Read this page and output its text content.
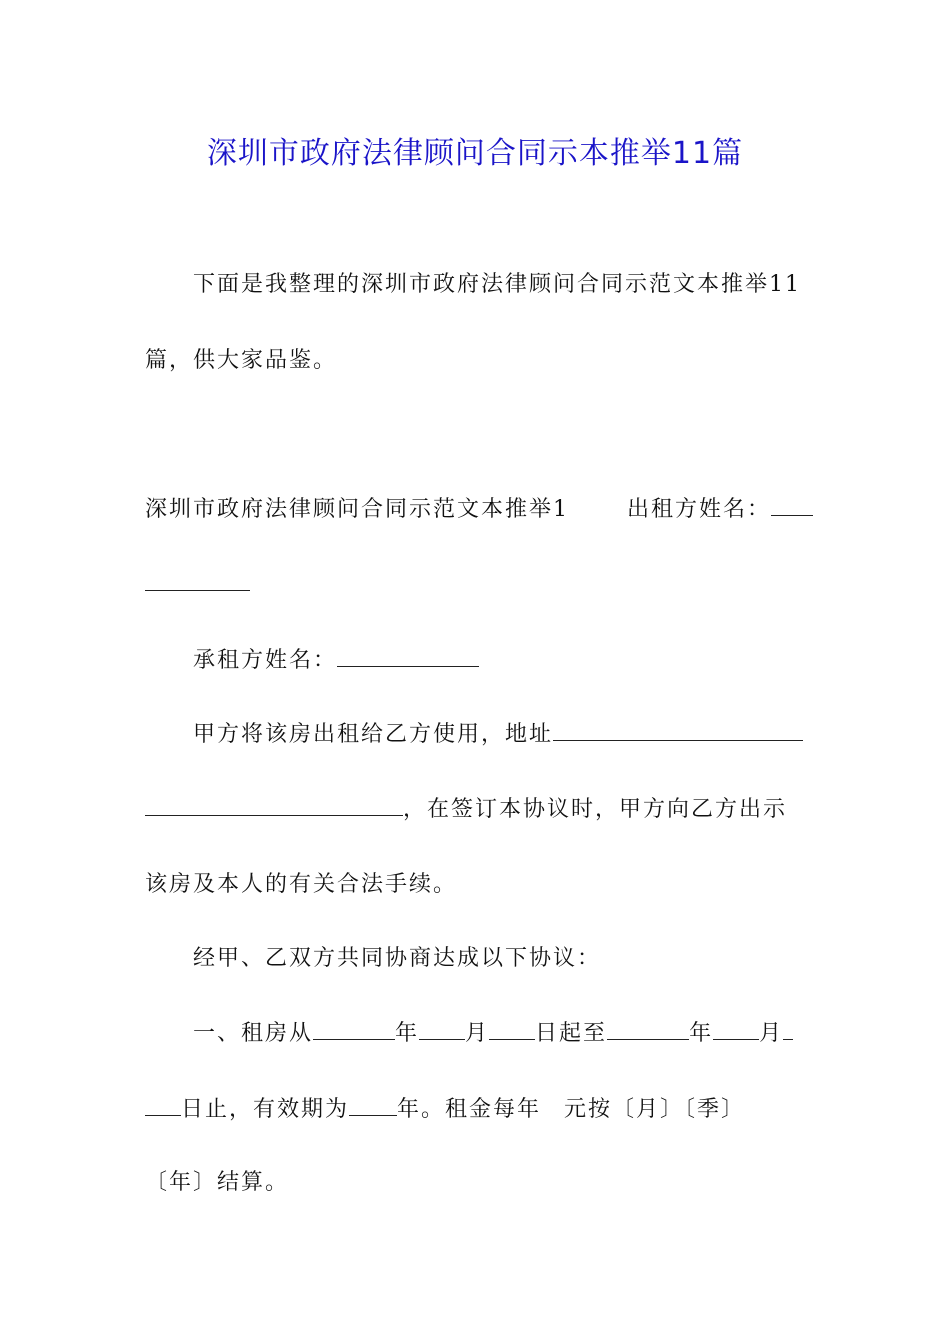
深圳市政府法律顾问合同示本推举11篇
下面是我整理的深圳市政府法律顾问合同示范文本推举11
篇，供大家品鉴。
深圳市政府法律顾问合同示范文本推举1	出租方姓名：
承租方姓名：
甲方将该房出租给乙方使用，地址
，在签订本协议时，甲方向乙方出示
该房及本人的有关合法手续。
经甲、乙双方共同协商达成以下协议：
一、租房从	年 月 日起至	年 月
日止，有效期为 年。租金每年 元按〔月〕〔季〕
〔年〕结算。
